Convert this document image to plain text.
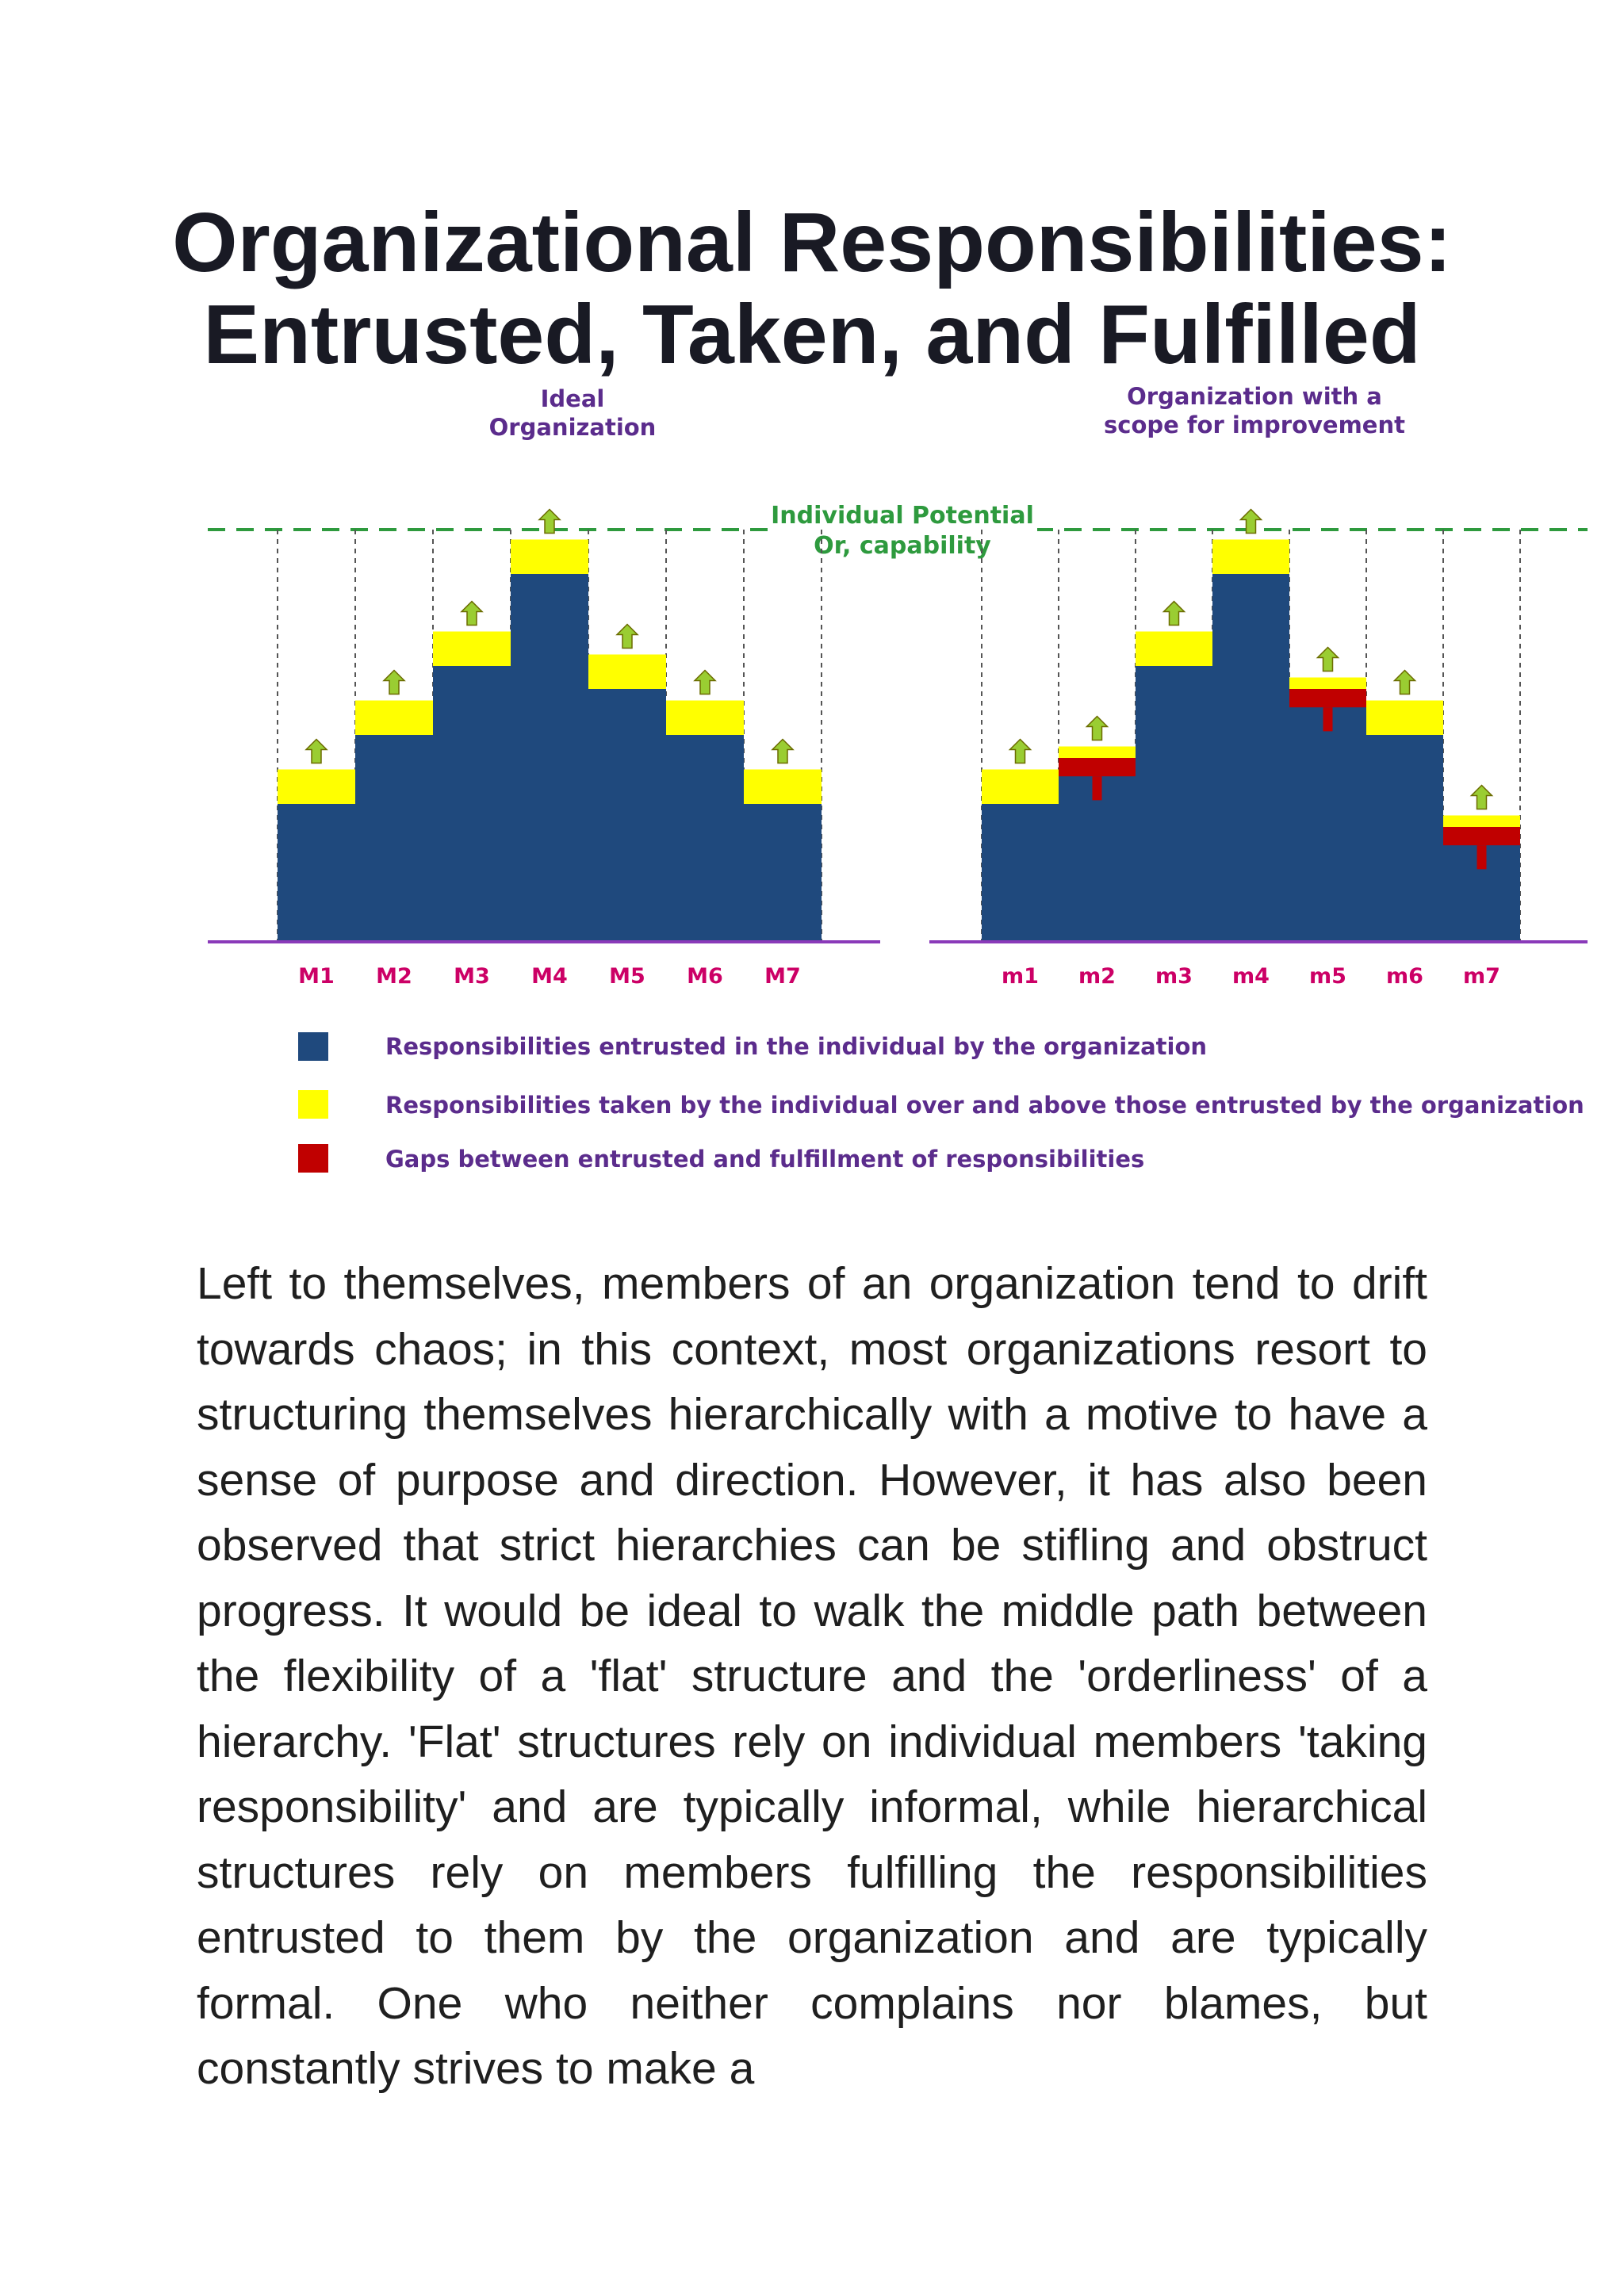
Organizational Responsibilities:
Entrusted, Taken, and Fulfilled
Ideal
Organization
Organization with a
scope for improvement
Individual Potential
Or, capability
M1 M2 M3 M4 M5 M6 M7	m1 m2 m3 m4 m5 m6 m7
Responsibilities entrusted in the individual by the organization
Responsibilities taken by the individual over and above those entrusted by the organization
Gaps between entrusted and fulfillment of responsibilities

Left to themselves, members of an organization tend to drift towards chaos; in this context, most organizations resort to structuring themselves hierarchically with a motive to have a sense of purpose and direction. However, it has also been observed that strict hierarchies can be stifling and obstruct progress. It would be ideal to walk the middle path between the flexibility of a 'flat' structure and the 'orderliness' of a hierarchy. 'Flat' structures rely on individual members 'taking responsibility' and are typically informal, while hierarchical structures rely on members fulfilling the responsibilities entrusted to them by the organization and are typically formal. One who neither complains nor blames, but constantly strives to make a
